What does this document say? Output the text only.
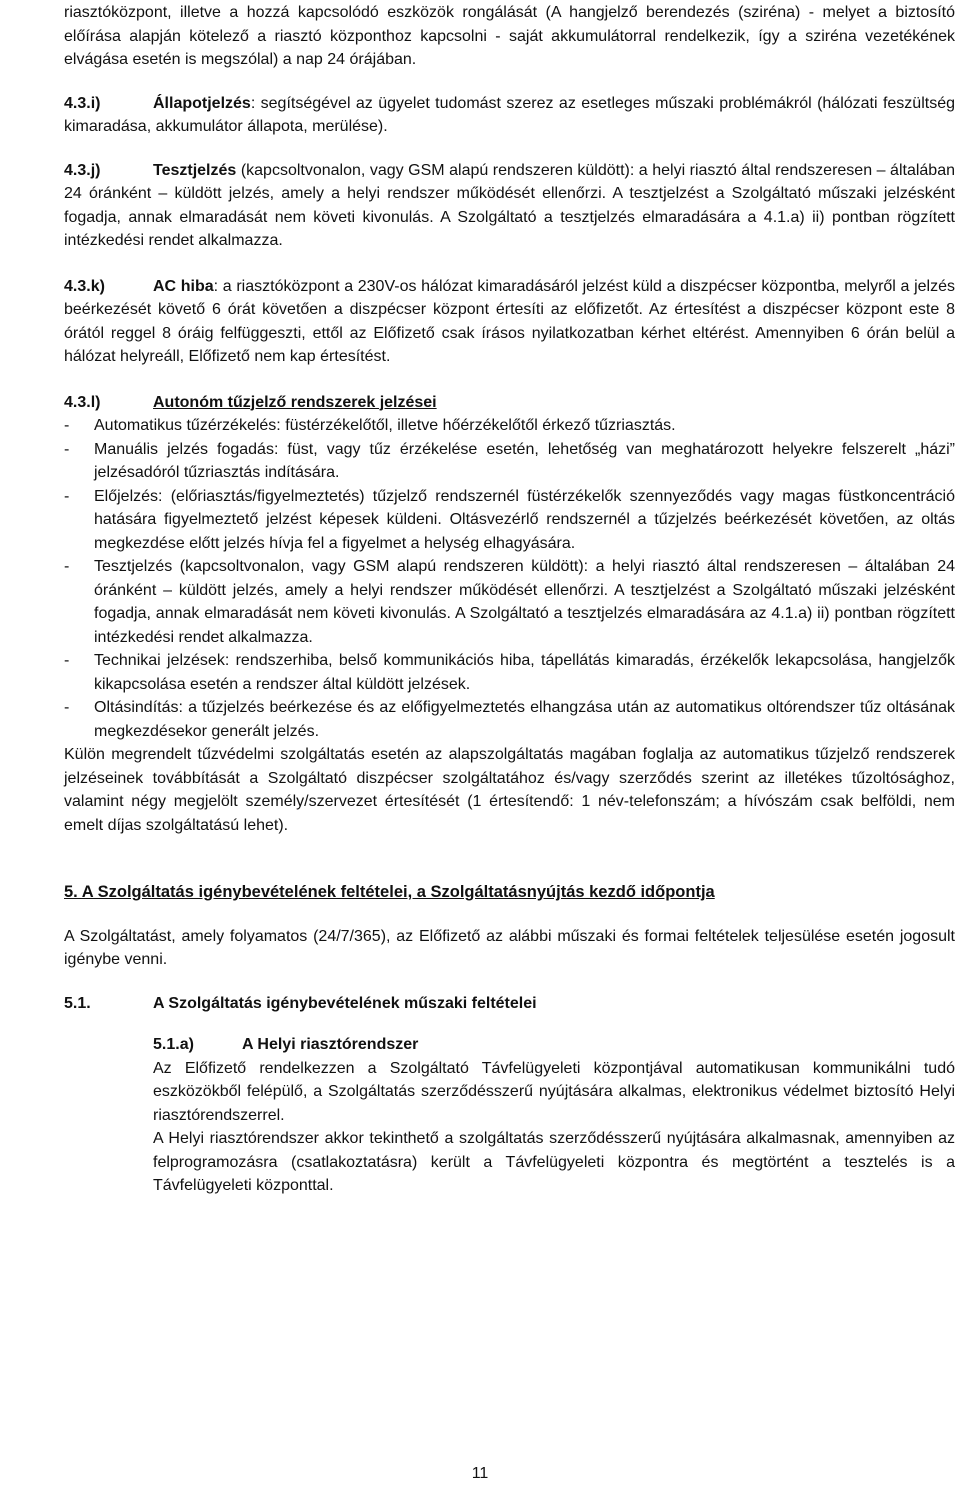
riasztóközpont, illetve a hozzá kapcsolódó eszközök rongálását (A hangjelző berendezés (sziréna) - melyet a biztosító előírása alapján kötelező a riasztó központhoz kapcsolni - saját akkumulátorral rendelkezik, így a sziréna vezetékének elvágása esetén is megszólal) a nap 24 órájában.

4.3.i)	Állapotjelzés: segítségével az ügyelet tudomást szerez az esetleges műszaki problémákról (hálózati feszültség kimaradása, akkumulátor állapota, merülése).

4.3.j)	Tesztjelzés (kapcsoltvonalon, vagy GSM alapú rendszeren küldött): a helyi riasztó által rendszeresen – általában 24 óránként – küldött jelzés, amely a helyi rendszer működését ellenőrzi. A tesztjelzést a Szolgáltató műszaki jelzésként fogadja, annak elmaradását nem követi kivonulás. A Szolgáltató a tesztjelzés elmaradására a 4.1.a) ii) pontban rögzített intézkedési rendet alkalmazza.

4.3.k)	AC hiba: a riasztóközpont a 230V-os hálózat kimaradásáról jelzést küld a diszpécser központba, melyről a jelzés beérkezését követő 6 órát követően a diszpécser központ értesíti az előfizetőt. Az értesítést a diszpécser központ este 8 órától reggel 8 óráig felfüggeszti, ettől az Előfizető csak írásos nyilatkozatban kérhet eltérést. Amennyiben 6 órán belül a hálózat helyreáll, Előfizető nem kap értesítést.

4.3.l)	Autonóm tűzjelző rendszerek jelzései

- Automatikus tűzérzékelés: füstérzékelőtől, illetve hőérzékelőtől érkező tűzriasztás.
- Manuális jelzés fogadás: füst, vagy tűz érzékelése esetén, lehetőség van meghatározott helyekre felszerelt „házi” jelzésadóról tűzriasztás indítására.
- Előjelzés: (előriasztás/figyelmeztetés) tűzjelző rendszernél füstérzékelők szennyeződés vagy magas füstkoncentráció hatására figyelmeztető jelzést képesek küldeni. Oltásvezérlő rendszernél a tűzjelzés beérkezését követően, az oltás megkezdése előtt jelzés hívja fel a figyelmet a helység elhagyására.
- Tesztjelzés (kapcsoltvonalon, vagy GSM alapú rendszeren küldött): a helyi riasztó által rendszeresen – általában 24 óránként – küldött jelzés, amely a helyi rendszer működését ellenőrzi. A tesztjelzést a Szolgáltató műszaki jelzésként fogadja, annak elmaradását nem követi kivonulás. A Szolgáltató a tesztjelzés elmaradására az 4.1.a) ii) pontban rögzített intézkedési rendet alkalmazza.
- Technikai jelzések: rendszerhiba, belső kommunikációs hiba, tápellátás kimaradás, érzékelők lekapcsolása, hangjelzők kikapcsolása esetén a rendszer által küldött jelzések.
- Oltásindítás: a tűzjelzés beérkezése és az előfigyelmeztetés elhangzása után az automatikus oltórendszer tűz oltásának megkezdésekor generált jelzés.

Külön megrendelt tűzvédelmi szolgáltatás esetén az alapszolgáltatás magában foglalja az automatikus tűzjelző rendszerek jelzéseinek továbbítását a Szolgáltató diszpécser szolgáltatához és/vagy szerződés szerint az illetékes tűzoltósághoz, valamint négy megjelölt személy/szervezet értesítését (1 értesítendő: 1 név-telefonszám; a hívószám csak belföldi, nem emelt díjas szolgáltatású lehet).

5. A Szolgáltatás igénybevételének feltételei, a Szolgáltatásnyújtás kezdő időpontja

A Szolgáltatást, amely folyamatos (24/7/365), az Előfizető az alábbi műszaki és formai feltételek teljesülése esetén jogosult igénybe venni.

5.1.	A Szolgáltatás igénybevételének műszaki feltételei

5.1.a)	A Helyi riasztórendszer

Az Előfizető rendelkezzen a Szolgáltató Távfelügyeleti központjával automatikusan kommunikálni tudó eszközökből felépülő, a Szolgáltatás szerződésszerű nyújtására alkalmas, elektronikus védelmet biztosító Helyi riasztórendszerrel.

A Helyi riasztórendszer akkor tekinthető a szolgáltatás szerződésszerű nyújtására alkalmasnak, amennyiben az felprogramozásra (csatlakoztatásra) került a Távfelügyeleti központra és megtörtént a tesztelés is a Távfelügyeleti központtal.

11
